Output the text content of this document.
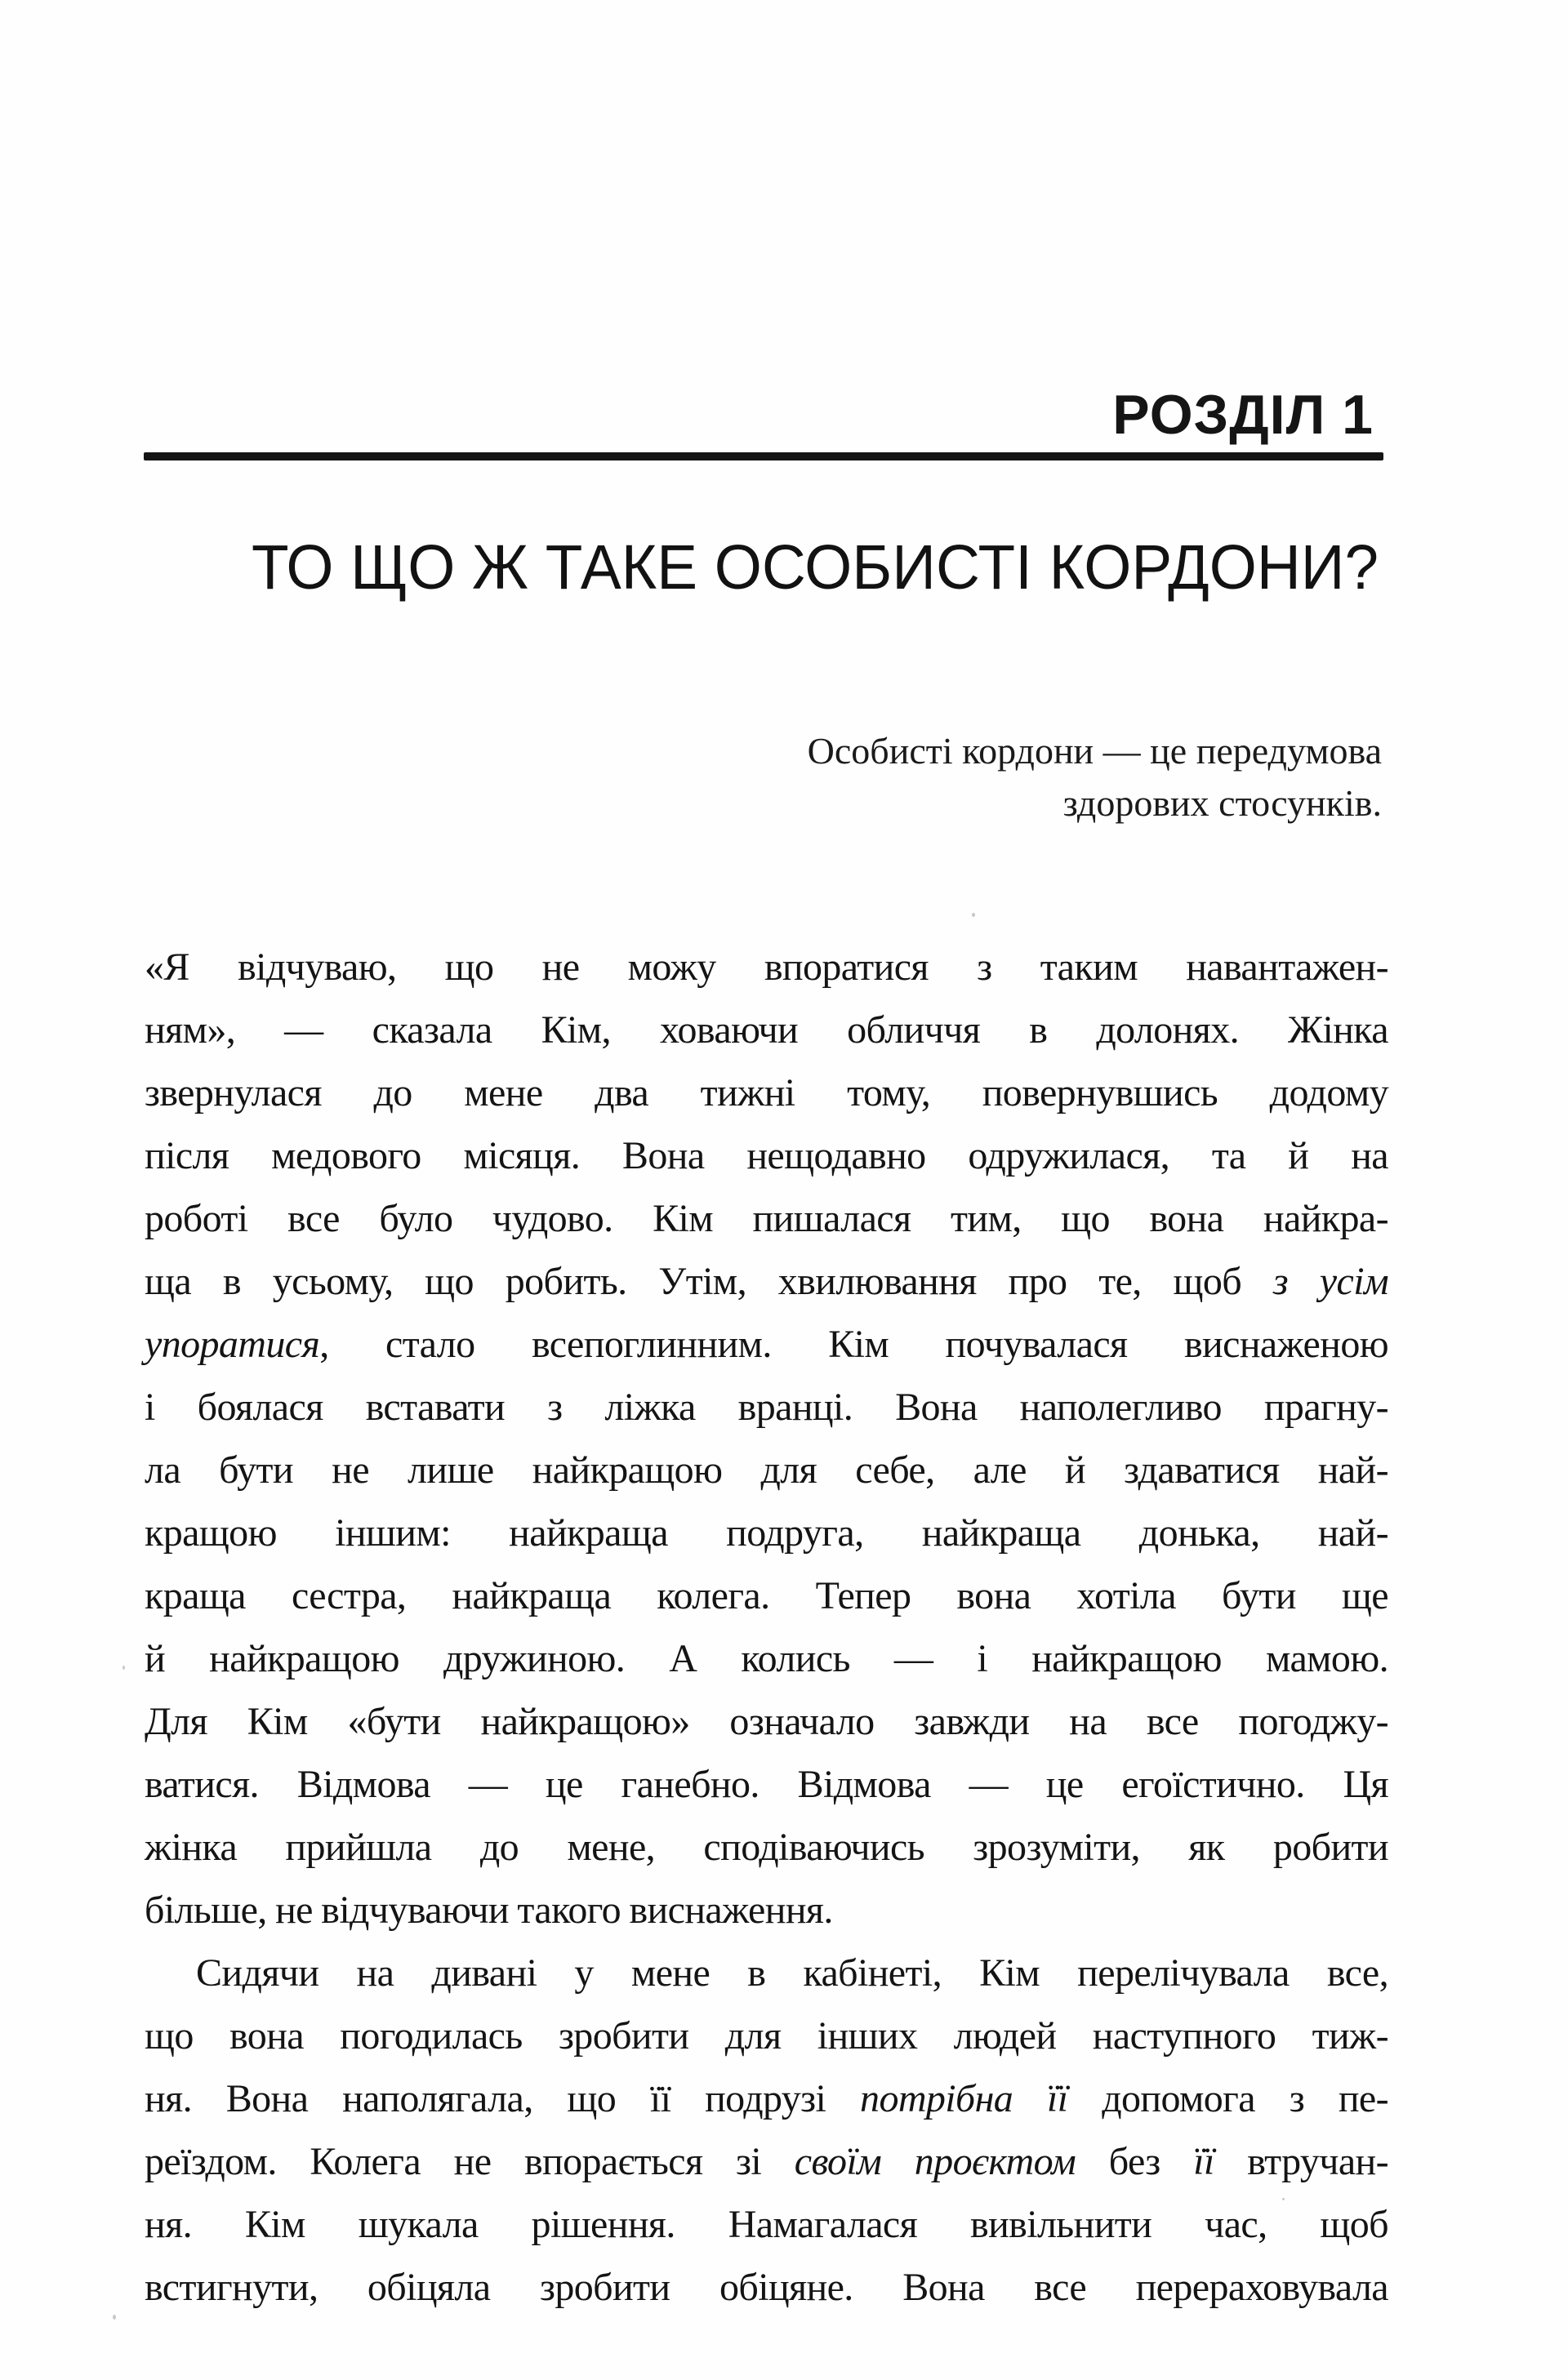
РОЗДІЛ 1
ТО ЩО Ж ТАКЕ ОСОБИСТІ КОРДОНИ?
Особисті кордони — це передумова
здорових стосунків.
«Я відчуваю, що не можу впоратися з таким навантажен-
ням», — сказала Кім, ховаючи обличчя в долонях. Жінка
звернулася до мене два тижні тому, повернувшись додому
після медового місяця. Вона нещодавно одружилася, та й на
роботі все було чудово. Кім пишалася тим, що вона найкра-
ща в усьому, що робить. Утім, хвилювання про те, щоб з усім
упоратися, стало всепоглинним. Кім почувалася виснаженою
і боялася вставати з ліжка вранці. Вона наполегливо прагну-
ла бути не лише найкращою для себе, але й здаватися най-
кращою іншим: найкраща подруга, найкраща донька, най-
краща сестра, найкраща колега. Тепер вона хотіла бути ще
й найкращою дружиною. А колись — і найкращою мамою.
Для Кім «бути найкращою» означало завжди на все погоджу-
ватися. Відмова — це ганебно. Відмова — це егоїстично. Ця
жінка прийшла до мене, сподіваючись зрозуміти, як робити
більше, не відчуваючи такого виснаження.
Сидячи на дивані у мене в кабінеті, Кім перелічувала все,
що вона погодилась зробити для інших людей наступного тиж-
ня. Вона наполягала, що її подрузі потрібна її допомога з пе-
реїздом. Колега не впорається зі своїм проєктом без її втручан-
ня. Кім шукала рішення. Намагалася вивільнити час, щоб
встигнути, обіцяла зробити обіцяне. Вона все перераховувала
